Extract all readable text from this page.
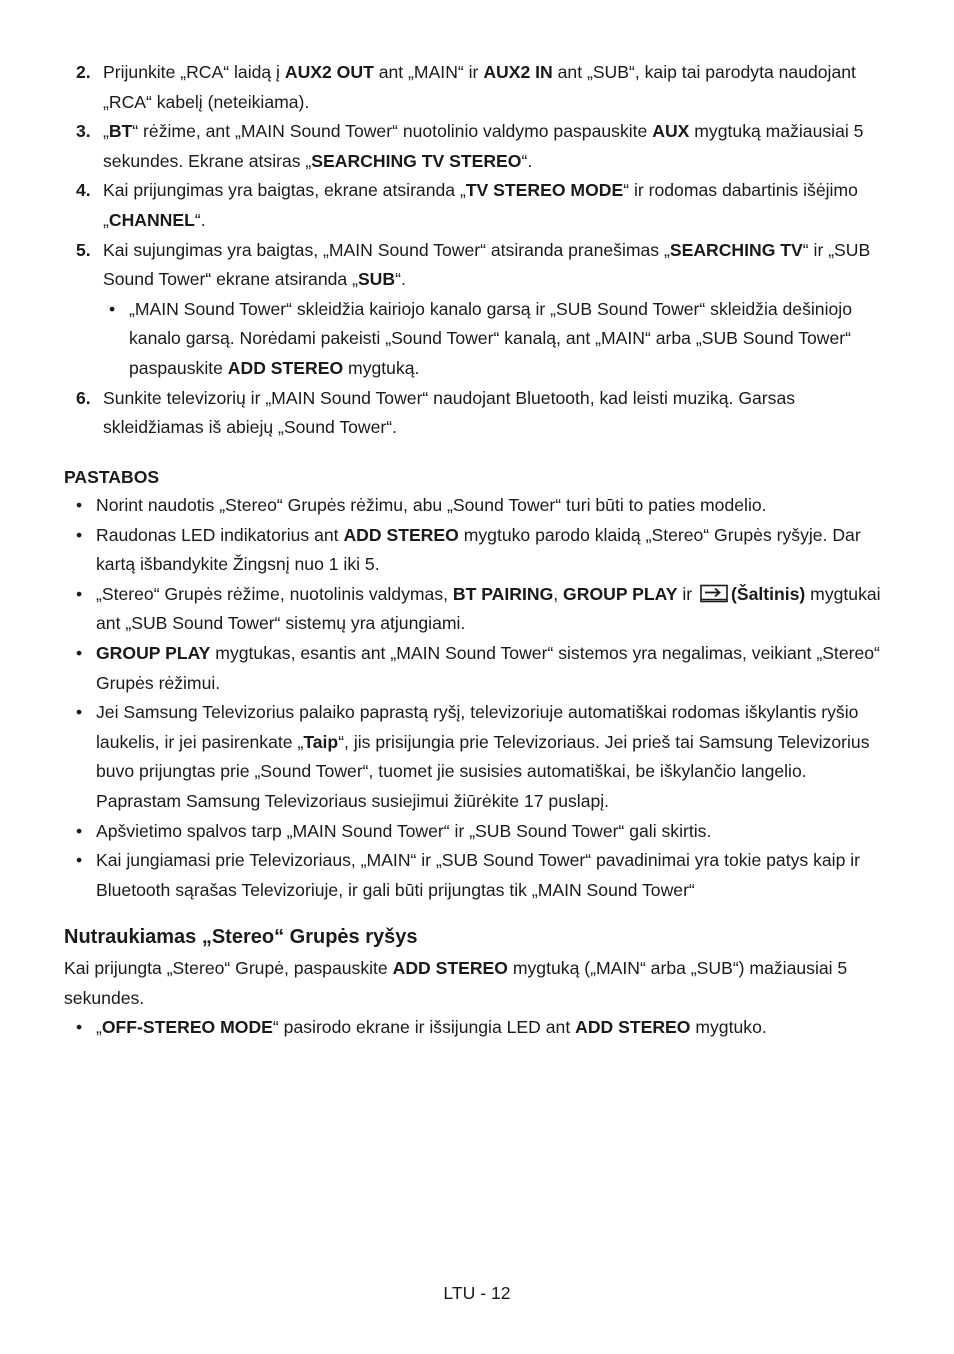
2. Prijunkite „RCA“ laidą į AUX2 OUT ant „MAIN“ ir AUX2 IN ant „SUB“, kaip tai parodyta naudojant „RCA“ kabelį (neteikiama).
3. „BT“ rėžime, ant „MAIN Sound Tower“ nuotolinio valdymo paspauskite AUX mygtuką mažiausiai 5 sekundes. Ekrane atsiras „SEARCHING TV STEREO“.
4. Kai prijungimas yra baigtas, ekrane atsiranda „TV STEREO MODE“ ir rodomas dabartinis išėjimo „CHANNEL“.
5. Kai sujungimas yra baigtas, „MAIN Sound Tower“ atsiranda pranešimas „SEARCHING TV“ ir „SUB Sound Tower“ ekrane atsiranda „SUB“.
• „MAIN Sound Tower“ skleidžia kairiojo kanalo garsą ir „SUB Sound Tower“ skleidžia dešiniojo kanalo garsą. Norėdami pakeisti „Sound Tower“ kanalą, ant „MAIN“ arba „SUB Sound Tower“ paspauskite ADD STEREO mygtuką.
6. Sunkite televizorių ir „MAIN Sound Tower“ naudojant Bluetooth, kad leisti muziką. Garsas skleidžiamas iš abiejų „Sound Tower“.
PASTABOS
• Norint naudotis „Stereo“ Grupės rėžimu, abu „Sound Tower“ turi būti to paties modelio.
• Raudonas LED indikatorius ant ADD STEREO mygtuko parodo klaidą „Stereo“ Grupės ryšyje. Dar kartą išbandykite Žingsnį nuo 1 iki 5.
• „Stereo“ Grupės rėžime, nuotolinis valdymas, BT PAIRING, GROUP PLAY ir (Šaltinis) mygtukai ant „SUB Sound Tower“ sistemų yra atjungiami.
• GROUP PLAY mygtukas, esantis ant „MAIN Sound Tower“ sistemos yra negalimas, veikiant „Stereo“ Grupės rėžimui.
• Jei Samsung Televizorius palaiko paprastą ryšį, televizoriuje automatiškai rodomas iškylantis ryšio laukelis, ir jei pasirenkate „Taip“, jis prisijungia prie Televizoriaus. Jei prieš tai Samsung Televizorius buvo prijungtas prie „Sound Tower“, tuomet jie susisies automatiškai, be iškylančio langelio. Paprastam Samsung Televizoriaus susiejimui žiūrėkite 17 puslapį.
• Apšvietimo spalvos tarp „MAIN Sound Tower“ ir „SUB Sound Tower“ gali skirtis.
• Kai jungiamasi prie Televizoriaus, „MAIN“ ir „SUB Sound Tower“ pavadinimai yra tokie patys kaip ir Bluetooth sąrašas Televizoriuje, ir gali būti prijungtas tik „MAIN Sound Tower“
Nutraukiamas „Stereo“ Grupės ryšys
Kai prijungta „Stereo“ Grupė, paspauskite ADD STEREO mygtuką („MAIN“ arba „SUB“) mažiausiai 5 sekundes.
• „OFF-STEREO MODE“ pasirodo ekrane ir išsijungia LED ant ADD STEREO mygtuko.
LTU - 12
